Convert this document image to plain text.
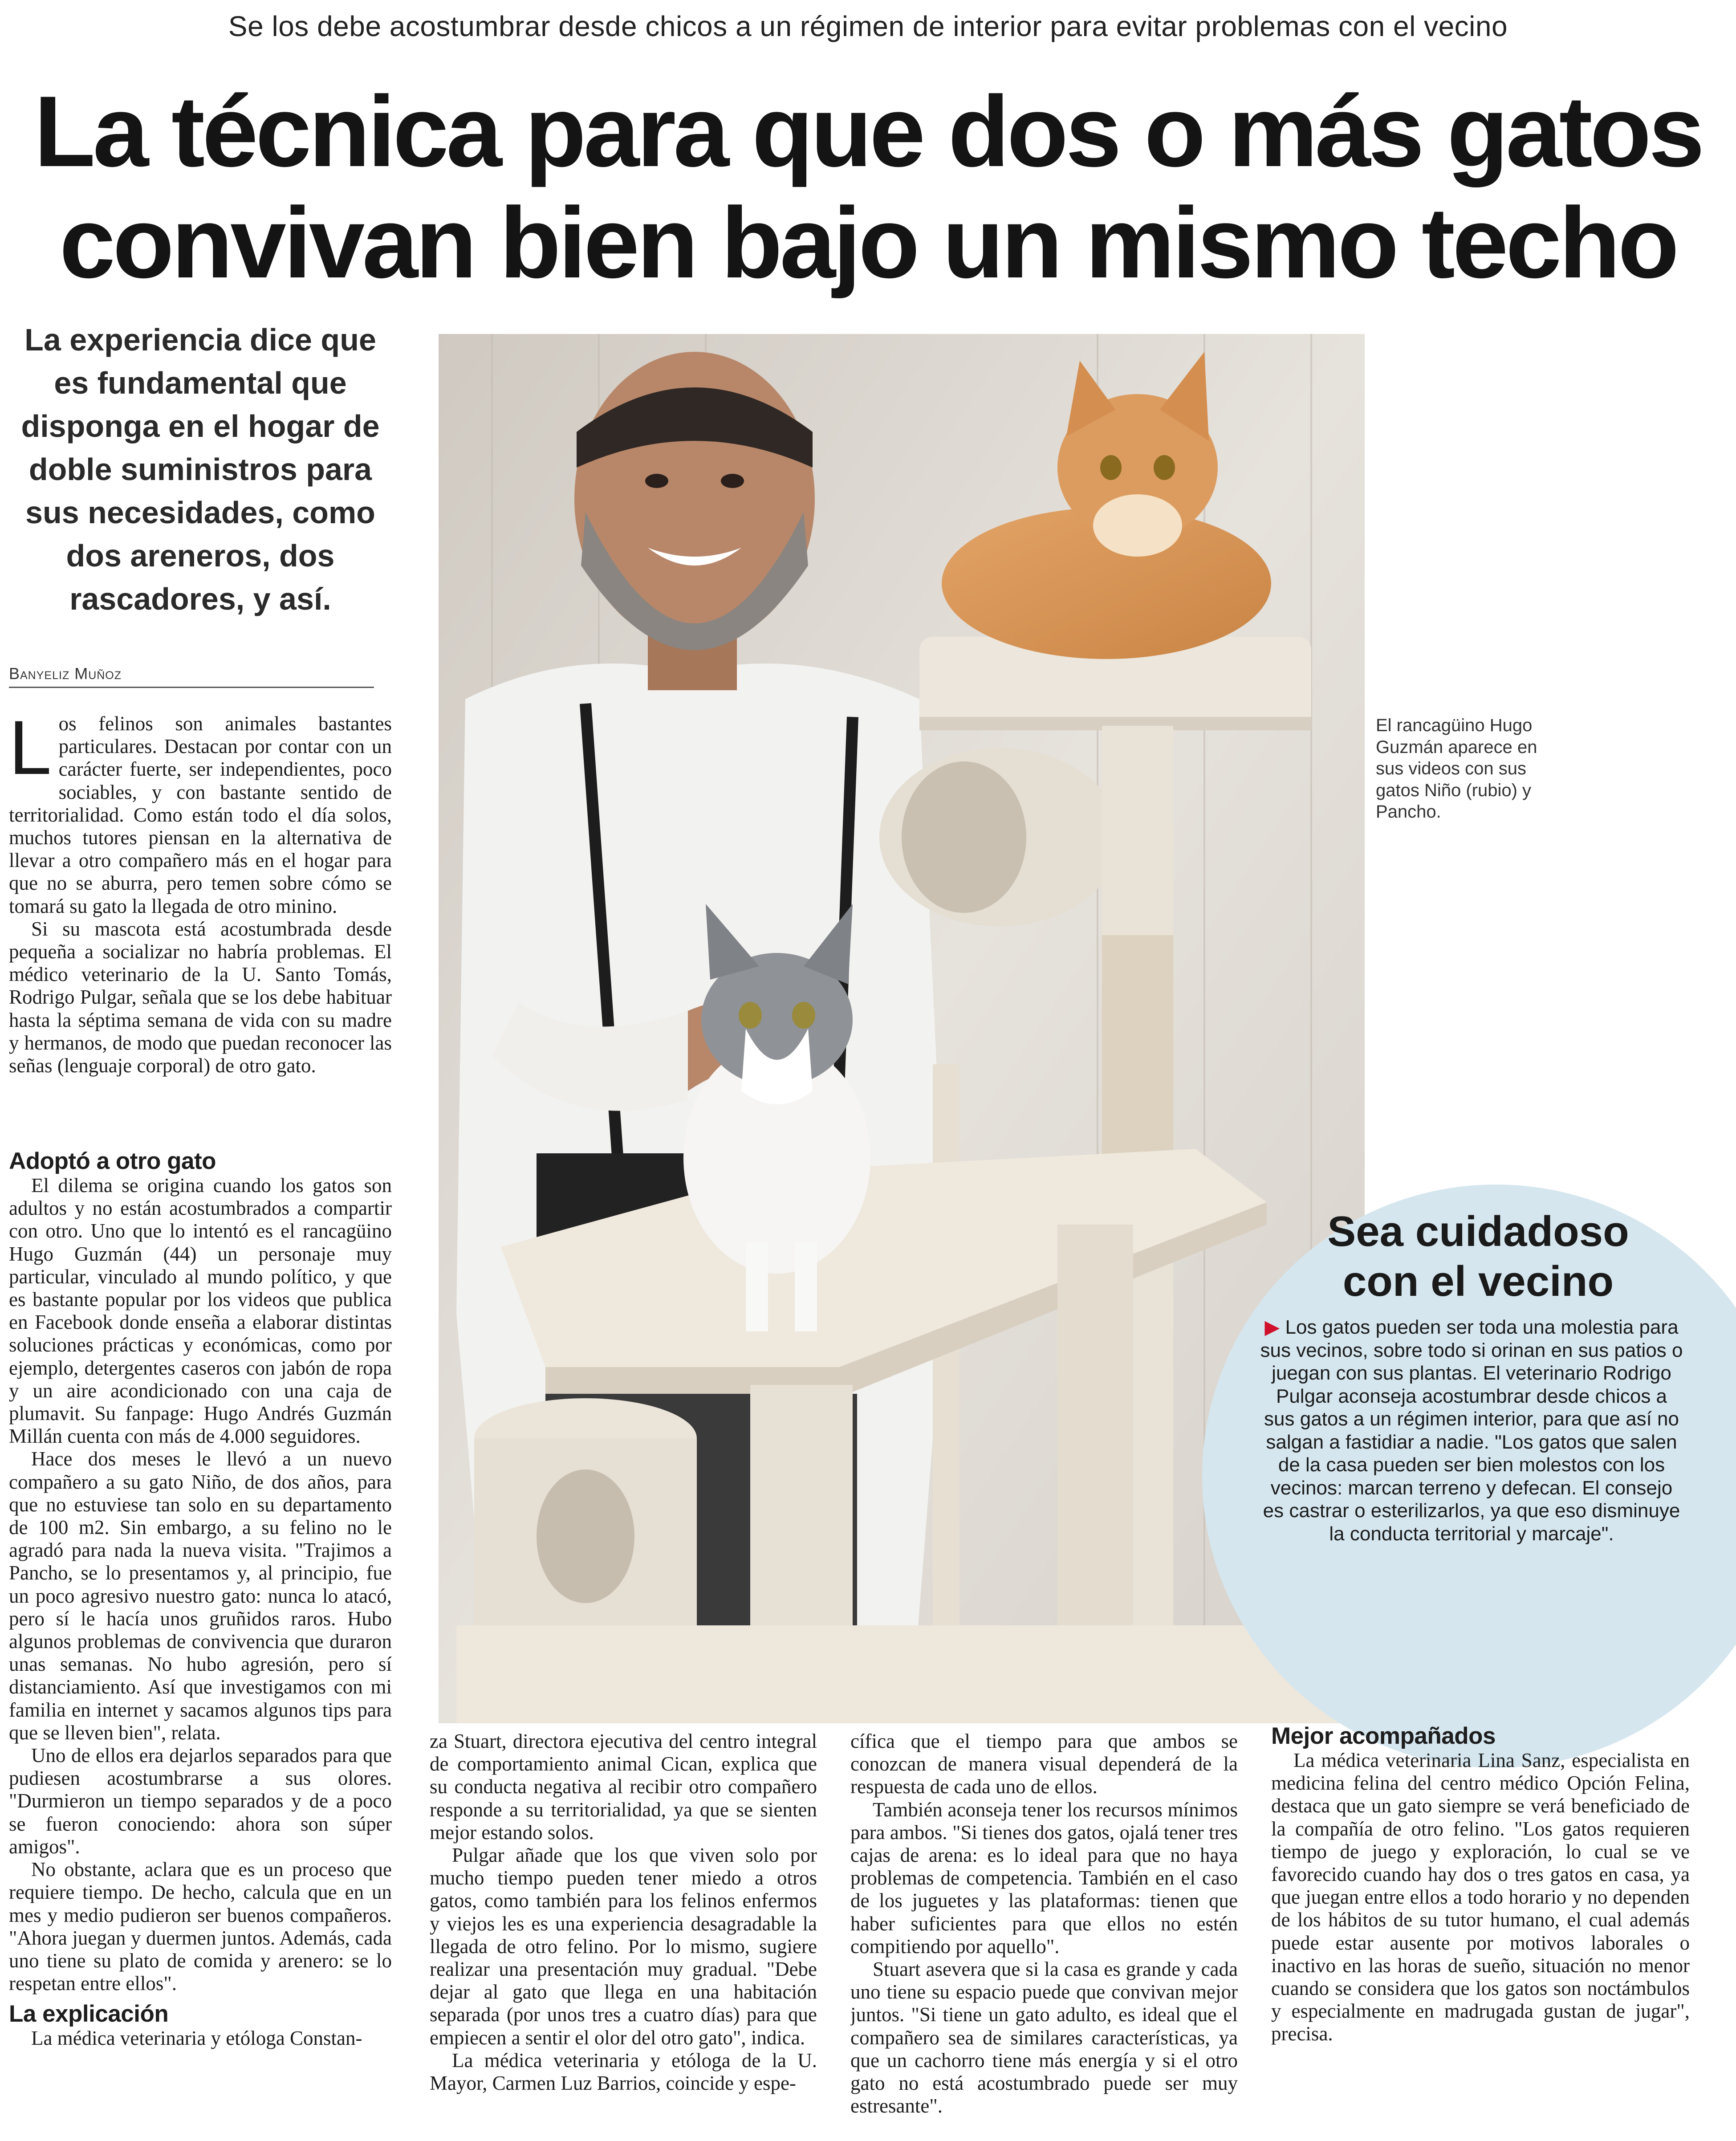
Se los debe acostumbrar desde chicos a un régimen de interior para evitar problemas con el vecino
La técnica para que dos o más gatos
convivan bien bajo un mismo techo
La experiencia dice que es fundamental que disponga en el hogar de doble suministros para sus necesidades, como dos areneros, dos rascadores, y así.
Banyeliz Muñoz
L os felinos son animales bastantes particulares. Destacan por contar con un carácter fuerte, ser independientes, poco sociables, y con bastante sentido de territorialidad. Como están todo el día solos, muchos tutores piensan en la alternativa de llevar a otro compañero más en el hogar para que no se aburra, pero temen sobre cómo se tomará su gato la llegada de otro minino.

Si su mascota está acostumbrada desde pequeña a socializar no habría problemas. El médico veterinario de la U. Santo Tomás, Rodrigo Pulgar, señala que se los debe habituar hasta la séptima semana de vida con su madre y hermanos, de modo que puedan reconocer las señas (lenguaje corporal) de otro gato.

Adoptó a otro gato

El dilema se origina cuando los gatos son adultos y no están acostumbrados a compartir con otro. Uno que lo intentó es el rancagüino Hugo Guzmán (44) un personaje muy particular, vinculado al mundo político, y que es bastante popular por los videos que publica en Facebook donde enseña a elaborar distintas soluciones prácticas y económicas, como por ejemplo, detergentes caseros con jabón de ropa y un aire acondicionado con una caja de plumavit. Su fanpage: Hugo Andrés Guzmán Millán cuenta con más de 4.000 seguidores.

Hace dos meses le llevó a un nuevo compañero a su gato Niño, de dos años, para que no estuviese tan solo en su departamento de 100 m2. Sin embargo, a su felino no le agradó para nada la nueva visita. "Trajimos a Pancho, se lo presentamos y, al principio, fue un poco agresivo nuestro gato: nunca lo atacó, pero sí le hacía unos gruñidos raros. Hubo algunos problemas de convivencia que duraron unas semanas. No hubo agresión, pero sí distanciamiento. Así que investigamos con mi familia en internet y sacamos algunos tips para que se lleven bien", relata.

Uno de ellos era dejarlos separados para que pudiesen acostumbrarse a sus olores. "Durmieron un tiempo separados y de a poco se fueron conociendo: ahora son súper amigos".

No obstante, aclara que es un proceso que requiere tiempo. De hecho, calcula que en un mes y medio pudieron ser buenos compañeros. "Ahora juegan y duermen juntos. Además, cada uno tiene su plato de comida y arenero: se lo respetan entre ellos".

La explicación

La médica veterinaria y etóloga Constan-

El rancagüino Hugo Guzmán aparece en sus videos con sus gatos Niño (rubio) y Pancho.
Sea cuidadoso
con el vecino
▶ Los gatos pueden ser toda una molestia para sus vecinos, sobre todo si orinan en sus patios o juegan con sus plantas. El veterinario Rodrigo Pulgar aconseja acostumbrar desde chicos a sus gatos a un régimen interior, para que así no salgan a fastidiar a nadie. "Los gatos que salen de la casa pueden ser bien molestos con los vecinos: marcan terreno y defecan. El consejo es castrar o esterilizarlos, ya que eso disminuye la conducta territorial y marcaje".

za Stuart, directora ejecutiva del centro integral de comportamiento animal Cican, explica que su conducta negativa al recibir otro compañero responde a su territorialidad, ya que se sienten mejor estando solos.

Pulgar añade que los que viven solo por mucho tiempo pueden tener miedo a otros gatos, como también para los felinos enfermos y viejos les es una experiencia desagradable la llegada de otro felino. Por lo mismo, sugiere realizar una presentación muy gradual. "Debe dejar al gato que llega en una habitación separada (por unos tres a cuatro días) para que empiecen a sentir el olor del otro gato", indica.

La médica veterinaria y etóloga de la U. Mayor, Carmen Luz Barrios, coincide y espe-

cífica que el tiempo para que ambos se conozcan de manera visual dependerá de la respuesta de cada uno de ellos.

También aconseja tener los recursos mínimos para ambos. "Si tienes dos gatos, ojalá tener tres cajas de arena: es lo ideal para que no haya problemas de competencia. También en el caso de los juguetes y las plataformas: tienen que haber suficientes para que ellos no estén compitiendo por aquello".

Stuart asevera que si la casa es grande y cada uno tiene su espacio puede que convivan mejor juntos. "Si tiene un gato adulto, es ideal que el compañero sea de similares características, ya que un cachorro tiene más energía y si el otro gato no está acostumbrado puede ser muy estresante".

Mejor acompañados

La médica veterinaria Lina Sanz, especialista en medicina felina del centro médico Opción Felina, destaca que un gato siempre se verá beneficiado de la compañía de otro felino. "Los gatos requieren tiempo de juego y exploración, lo cual se ve favorecido cuando hay dos o tres gatos en casa, ya que juegan entre ellos a todo horario y no dependen de los hábitos de su tutor humano, el cual además puede estar ausente por motivos laborales o inactivo en las horas de sueño, situación no menor cuando se considera que los gatos son noctámbulos y especialmente en madrugada gustan de jugar", precisa.
